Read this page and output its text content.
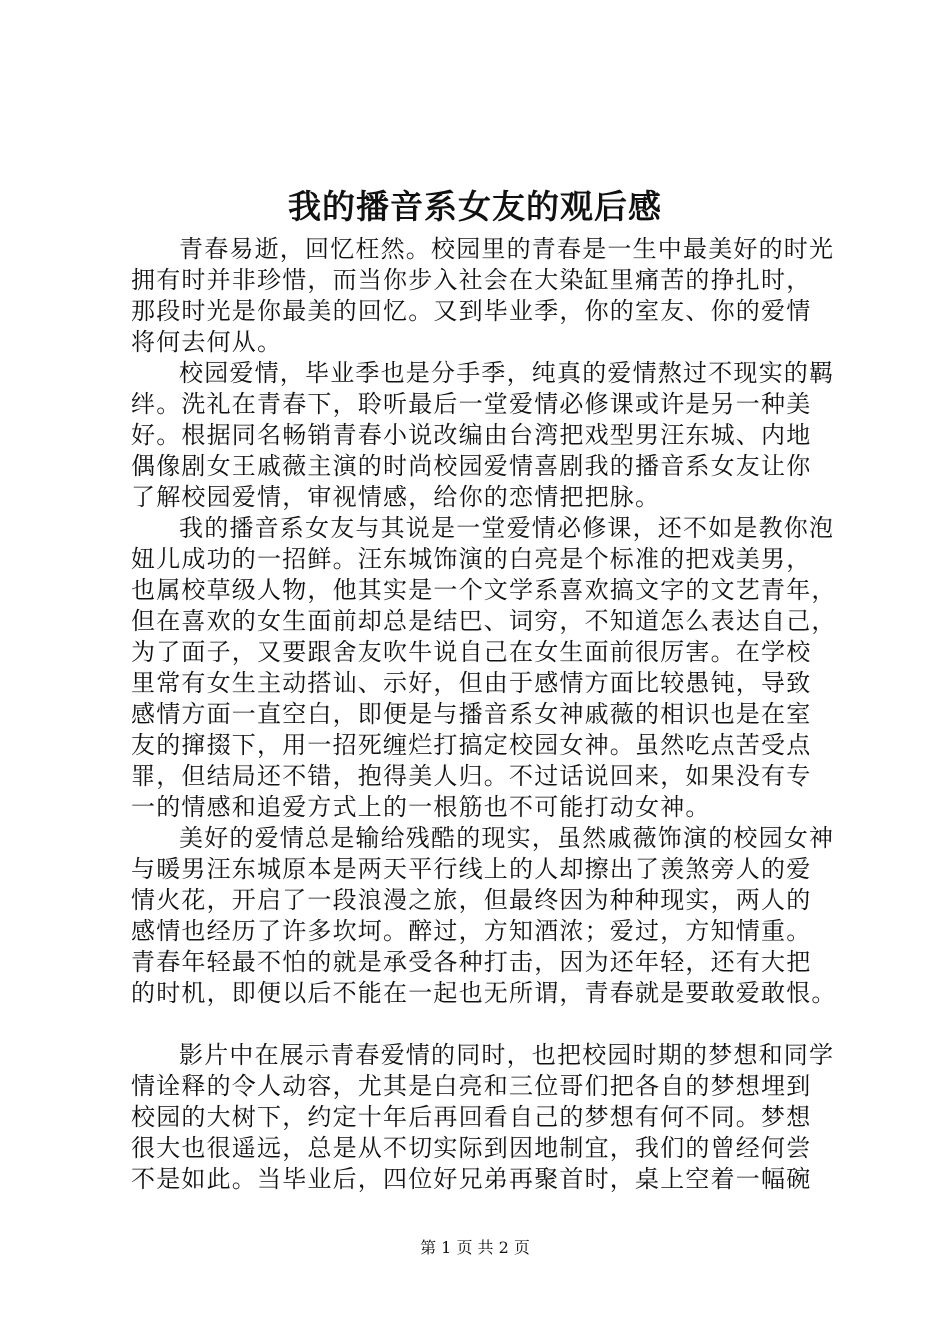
我的播音系女友的观后感
青春易逝，回忆枉然。校园里的青春是一生中最美好的时光
拥有时并非珍惜，而当你步入社会在大染缸里痛苦的挣扎时，
那段时光是你最美的回忆。又到毕业季，你的室友、你的爱情
将何去何从。
校园爱情，毕业季也是分手季，纯真的爱情熬过不现实的羁
绊。洗礼在青春下，聆听最后一堂爱情必修课或许是另一种美
好。根据同名畅销青春小说改编由台湾把戏型男汪东城、内地
偶像剧女王戚薇主演的时尚校园爱情喜剧我的播音系女友让你
了解校园爱情，审视情感，给你的恋情把把脉。
我的播音系女友与其说是一堂爱情必修课，还不如是教你泡
妞儿成功的一招鲜。汪东城饰演的白亮是个标准的把戏美男，
也属校草级人物，他其实是一个文学系喜欢搞文字的文艺青年，
但在喜欢的女生面前却总是结巴、词穷，不知道怎么表达自己，
为了面子，又要跟舍友吹牛说自己在女生面前很厉害。在学校
里常有女生主动搭讪、示好，但由于感情方面比较愚钝，导致
感情方面一直空白，即便是与播音系女神戚薇的相识也是在室
友的撺掇下，用一招死缠烂打搞定校园女神。虽然吃点苦受点
罪，但结局还不错，抱得美人归。不过话说回来，如果没有专
一的情感和追爱方式上的一根筋也不可能打动女神。
美好的爱情总是输给残酷的现实，虽然戚薇饰演的校园女神
与暖男汪东城原本是两天平行线上的人却擦出了羡煞旁人的爱
情火花，开启了一段浪漫之旅，但最终因为种种现实，两人的
感情也经历了许多坎坷。醉过，方知酒浓；爱过，方知情重。
青春年轻最不怕的就是承受各种打击，因为还年轻，还有大把
的时机，即便以后不能在一起也无所谓，青春就是要敢爱敢恨。
影片中在展示青春爱情的同时，也把校园时期的梦想和同学
情诠释的令人动容，尤其是白亮和三位哥们把各自的梦想埋到
校园的大树下，约定十年后再回看自己的梦想有何不同。梦想
很大也很遥远，总是从不切实际到因地制宜，我们的曾经何尝
不是如此。当毕业后，四位好兄弟再聚首时，桌上空着一幅碗
第 1 页 共 2 页
